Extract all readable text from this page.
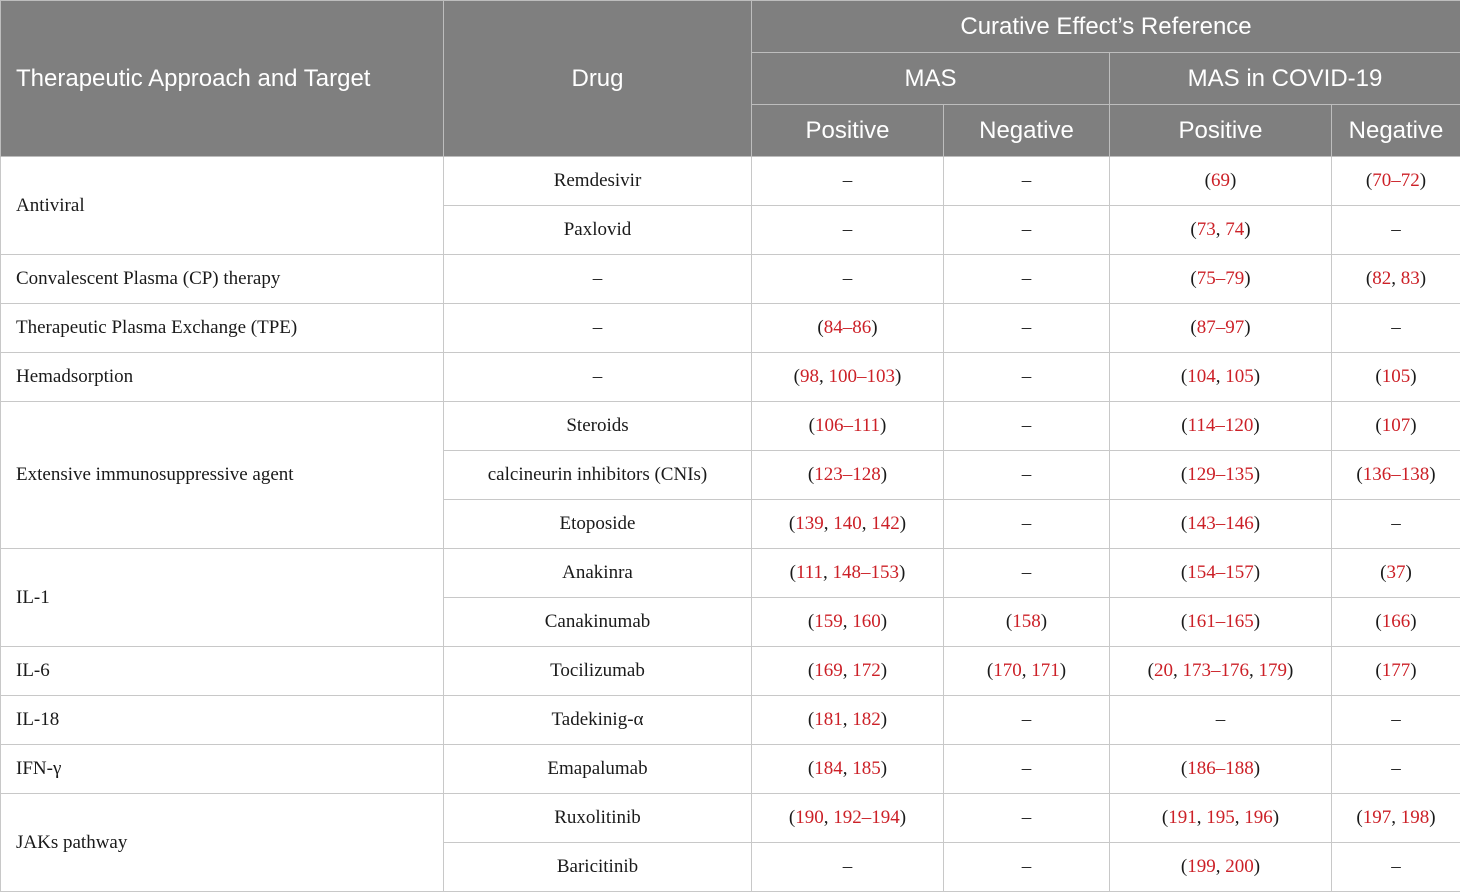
Therapeutic Approach and Target	Drug	Curative Effect’s Reference			
		MAS		MAS in COVID-19	
		Positive	Negative	Positive	Negative
Antiviral	Remdesivir	–	–	(69)	(70–72)
	Paxlovid	–	–	(73, 74)	–
Convalescent Plasma (CP) therapy	–	–	–	(75–79)	(82, 83)
Therapeutic Plasma Exchange (TPE)	–	(84–86)	–	(87–97)	–
Hemadsorption	–	(98, 100–103)	–	(104, 105)	(105)
Extensive immunosuppressive agent	Steroids	(106–111)	–	(114–120)	(107)
	calcineurin inhibitors (CNIs)	(123–128)	–	(129–135)	(136–138)
	Etoposide	(139, 140, 142)	–	(143–146)	–
IL-1	Anakinra	(111, 148–153)	–	(154–157)	(37)
	Canakinumab	(159, 160)	(158)	(161–165)	(166)
IL-6	Tocilizumab	(169, 172)	(170, 171)	(20, 173–176, 179)	(177)
IL-18	Tadekinig-α	(181, 182)	–	–	–
IFN-γ	Emapalumab	(184, 185)	–	(186–188)	–
JAKs pathway	Ruxolitinib	(190, 192–194)	–	(191, 195, 196)	(197, 198)
	Baricitinib	–	–	(199, 200)	–
